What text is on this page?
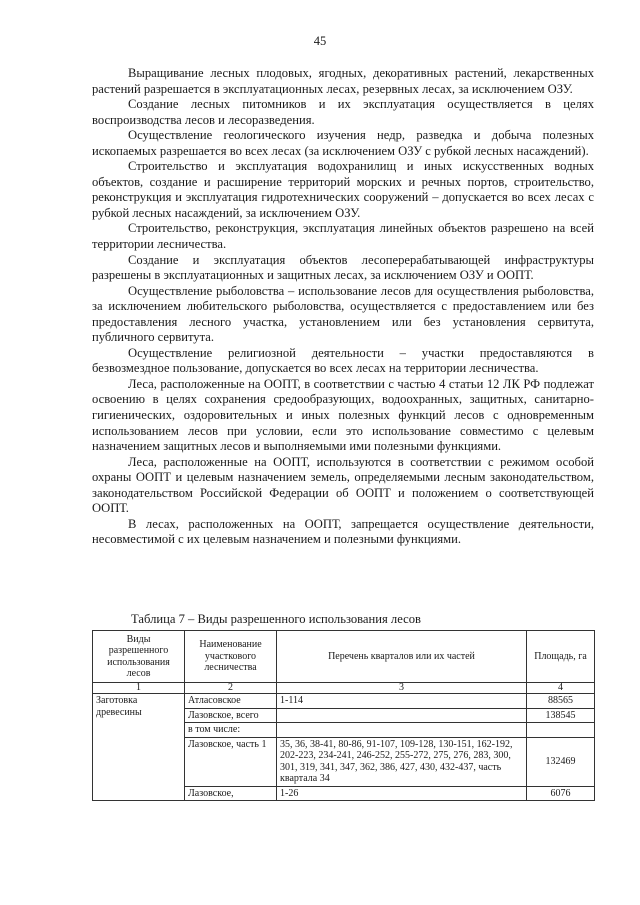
45

Выращивание лесных плодовых, ягодных, декоративных растений, лекарственных растений разрешается в эксплуатационных лесах, резервных лесах, за исключением ОЗУ.

Создание лесных питомников и их эксплуатация осуществляется в целях воспроизводства лесов и лесоразведения.

Осуществление геологического изучения недр, разведка и добыча полезных ископаемых разрешается во всех лесах (за исключением ОЗУ с рубкой лесных насаждений).

Строительство и эксплуатация водохранилищ и иных искусственных водных объектов, создание и расширение территорий морских и речных портов, строительство, реконструкция и эксплуатация гидротехнических сооружений – допускается во всех лесах с рубкой лесных насаждений, за исключением ОЗУ.

Строительство, реконструкция, эксплуатация линейных объектов разрешено на всей территории лесничества.

Создание и эксплуатация объектов лесоперерабатывающей инфраструктуры разрешены в эксплуатационных и защитных лесах, за исключением ОЗУ и ООПТ.

Осуществление рыболовства – использование лесов для осуществления рыболовства, за исключением любительского рыболовства, осуществляется с предоставлением или без предоставления лесного участка, установлением или без установления сервитута, публичного сервитута.

Осуществление религиозной деятельности – участки предоставляются в безвозмездное пользование, допускается во всех лесах на территории лесничества.

Леса, расположенные на ООПТ, в соответствии с частью 4 статьи 12 ЛК РФ подлежат освоению в целях сохранения средообразующих, водоохранных, защитных, санитарно-гигиенических, оздоровительных и иных полезных функций лесов с одновременным использованием лесов при условии, если это использование совместимо с целевым назначением защитных лесов и выполняемыми ими полезными функциями.

Леса, расположенные на ООПТ, используются в соответствии с режимом особой охраны ООПТ и целевым назначением земель, определяемыми лесным законодательством, законодательством Российской Федерации об ООПТ и положением о соответствующей ООПТ.

В лесах, расположенных на ООПТ, запрещается осуществление деятельности, несовместимой с их целевым назначением и полезными функциями.

Таблица 7 – Виды разрешенного использования лесов
Виды разрешенного использования лесов	Наименование участкового лесничества	Перечень кварталов или их частей	Площадь, га
1	2	3	4
Заготовка древесины	Атласовское	1-114	88565
	Лазовское, всего		138545
	в том числе:		
	Лазовское, часть 1	35, 36, 38-41, 80-86, 91-107, 109-128, 130-151, 162-192, 202-223, 234-241, 246-252, 255-272, 275, 276, 283, 300, 301, 319, 341, 347, 362, 386, 427, 430, 432-437, часть квартала 34	132469
	Лазовское,	1-26	6076
